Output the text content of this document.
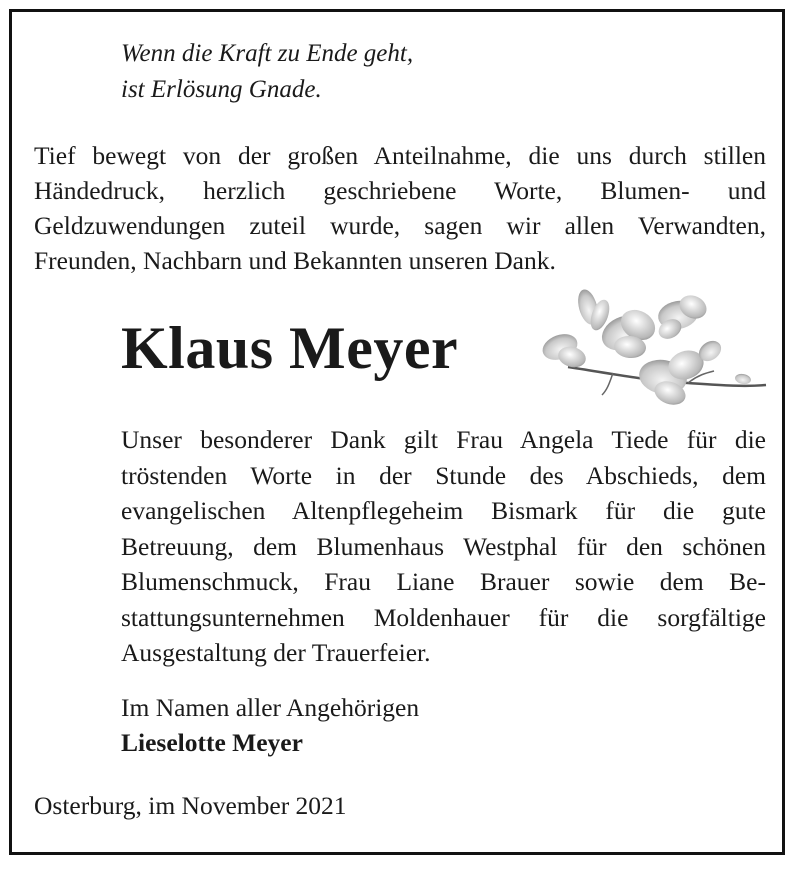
Wenn die Kraft zu Ende geht,
ist Erlösung Gnade.
Tief bewegt von der großen Anteilnahme, die uns durch stillen Händedruck, herzlich geschriebene Worte, Blumen- und Geldzuwendungen zuteil wurde, sagen wir allen Verwandten, Freunden, Nachbarn und Bekannten unseren Dank.
Klaus Meyer
Unser besonderer Dank gilt Frau Angela Tiede für die
tröstenden Worte in der Stunde des Abschieds, dem
evangelischen Altenpflegeheim Bismark für die gute
Betreuung, dem Blumenhaus Westphal für den schönen
Blumenschmuck, Frau Liane Brauer sowie dem Be-
stattungsunternehmen Moldenhauer für die sorgfältige
Ausgestaltung der Trauerfeier.
Im Namen aller Angehörigen
Lieselotte Meyer
Osterburg, im November 2021
